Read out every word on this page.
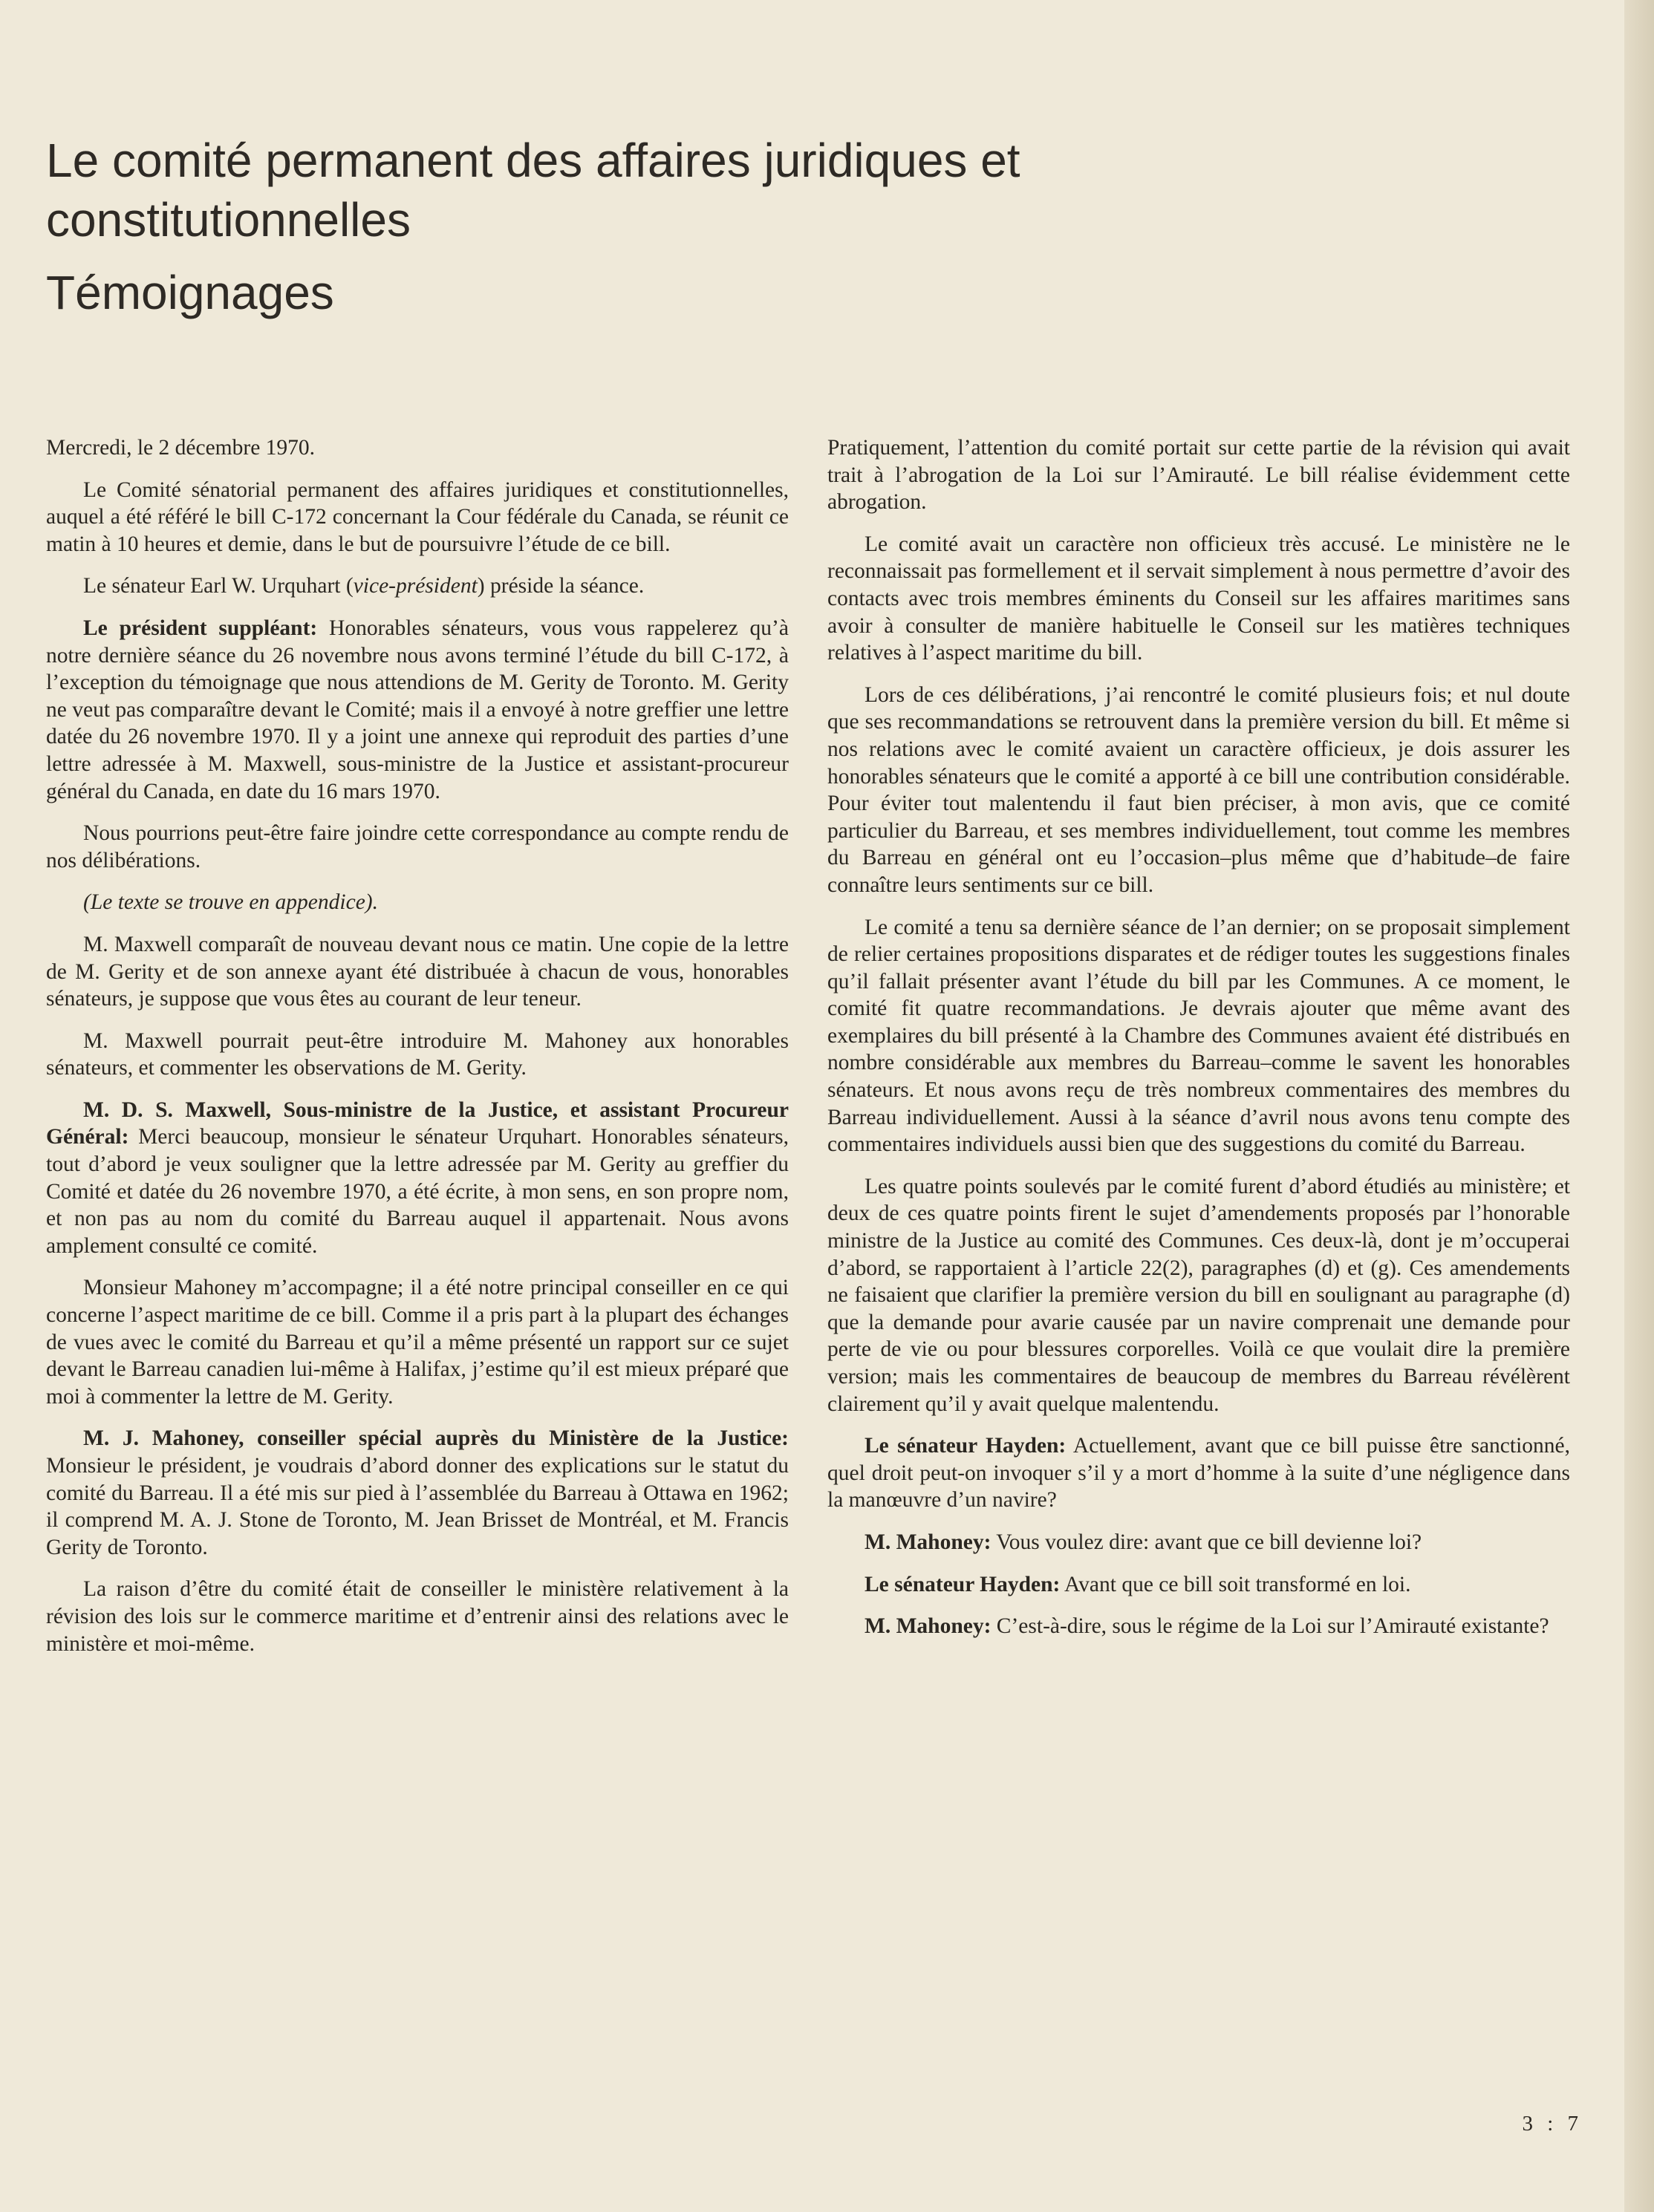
Le comité permanent des affaires juridiques et constitutionnelles
Témoignages

Mercredi, le 2 décembre 1970.

Le Comité sénatorial permanent des affaires juridiques et constitutionnelles, auquel a été référé le bill C-172 concernant la Cour fédérale du Canada, se réunit ce matin à 10 heures et demie, dans le but de poursuivre l’étude de ce bill.

Le sénateur Earl W. Urquhart (vice-président) préside la séance.

Le président suppléant: Honorables sénateurs, vous vous rappelerez qu’à notre dernière séance du 26 novembre nous avons terminé l’étude du bill C-172, à l’exception du témoignage que nous attendions de M. Gerity de Toronto. M. Gerity ne veut pas comparaître devant le Comité; mais il a envoyé à notre greffier une lettre datée du 26 novembre 1970. Il y a joint une annexe qui reproduit des parties d’une lettre adressée à M. Maxwell, sous-ministre de la Justice et assistant-procureur général du Canada, en date du 16 mars 1970.

Nous pourrions peut-être faire joindre cette correspondance au compte rendu de nos délibérations.

(Le texte se trouve en appendice).

M. Maxwell comparaît de nouveau devant nous ce matin. Une copie de la lettre de M. Gerity et de son annexe ayant été distribuée à chacun de vous, honorables sénateurs, je suppose que vous êtes au courant de leur teneur.

M. Maxwell pourrait peut-être introduire M. Mahoney aux honorables sénateurs, et commenter les observations de M. Gerity.

M. D. S. Maxwell, Sous-ministre de la Justice, et assistant Procureur Général: Merci beaucoup, monsieur le sénateur Urquhart. Honorables sénateurs, tout d’abord je veux souligner que la lettre adressée par M. Gerity au greffier du Comité et datée du 26 novembre 1970, a été écrite, à mon sens, en son propre nom, et non pas au nom du comité du Barreau auquel il appartenait. Nous avons amplement consulté ce comité.

Monsieur Mahoney m’accompagne; il a été notre principal conseiller en ce qui concerne l’aspect maritime de ce bill. Comme il a pris part à la plupart des échanges de vues avec le comité du Barreau et qu’il a même présenté un rapport sur ce sujet devant le Barreau canadien lui-même à Halifax, j’estime qu’il est mieux préparé que moi à commenter la lettre de M. Gerity.

M. J. Mahoney, conseiller spécial auprès du Ministère de la Justice: Monsieur le président, je voudrais d’abord donner des explications sur le statut du comité du Barreau. Il a été mis sur pied à l’assemblée du Barreau à Ottawa en 1962; il comprend M. A. J. Stone de Toronto, M. Jean Brisset de Montréal, et M. Francis Gerity de Toronto.

La raison d’être du comité était de conseiller le ministère relativement à la révision des lois sur le commerce maritime et d’entrenir ainsi des relations avec le ministère et moi-même.

Pratiquement, l’attention du comité portait sur cette partie de la révision qui avait trait à l’abrogation de la Loi sur l’Amirauté. Le bill réalise évidemment cette abrogation.

Le comité avait un caractère non officieux très accusé. Le ministère ne le reconnaissait pas formellement et il servait simplement à nous permettre d’avoir des contacts avec trois membres éminents du Conseil sur les affaires maritimes sans avoir à consulter de manière habituelle le Conseil sur les matières techniques relatives à l’aspect maritime du bill.

Lors de ces délibérations, j’ai rencontré le comité plusieurs fois; et nul doute que ses recommandations se retrouvent dans la première version du bill. Et même si nos relations avec le comité avaient un caractère officieux, je dois assurer les honorables sénateurs que le comité a apporté à ce bill une contribution considérable. Pour éviter tout malentendu il faut bien préciser, à mon avis, que ce comité particulier du Barreau, et ses membres individuellement, tout comme les membres du Barreau en général ont eu l’occasion–plus même que d’habitude–de faire connaître leurs sentiments sur ce bill.

Le comité a tenu sa dernière séance de l’an dernier; on se proposait simplement de relier certaines propositions disparates et de rédiger toutes les suggestions finales qu’il fallait présenter avant l’étude du bill par les Communes. A ce moment, le comité fit quatre recommandations. Je devrais ajouter que même avant des exemplaires du bill présenté à la Chambre des Communes avaient été distribués en nombre considérable aux membres du Barreau–comme le savent les honorables sénateurs. Et nous avons reçu de très nombreux commentaires des membres du Barreau individuellement. Aussi à la séance d’avril nous avons tenu compte des commentaires individuels aussi bien que des suggestions du comité du Barreau.

Les quatre points soulevés par le comité furent d’abord étudiés au ministère; et deux de ces quatre points firent le sujet d’amendements proposés par l’honorable ministre de la Justice au comité des Communes. Ces deux-là, dont je m’occuperai d’abord, se rapportaient à l’article 22(2), paragraphes (d) et (g). Ces amendements ne faisaient que clarifier la première version du bill en soulignant au paragraphe (d) que la demande pour avarie causée par un navire comprenait une demande pour perte de vie ou pour blessures corporelles. Voilà ce que voulait dire la première version; mais les commentaires de beaucoup de membres du Barreau révélèrent clairement qu’il y avait quelque malentendu.

Le sénateur Hayden: Actuellement, avant que ce bill puisse être sanctionné, quel droit peut-on invoquer s’il y a mort d’homme à la suite d’une négligence dans la manœuvre d’un navire?

M. Mahoney: Vous voulez dire: avant que ce bill devienne loi?

Le sénateur Hayden: Avant que ce bill soit transformé en loi.

M. Mahoney: C’est-à-dire, sous le régime de la Loi sur l’Amirauté existante?

3 : 7
